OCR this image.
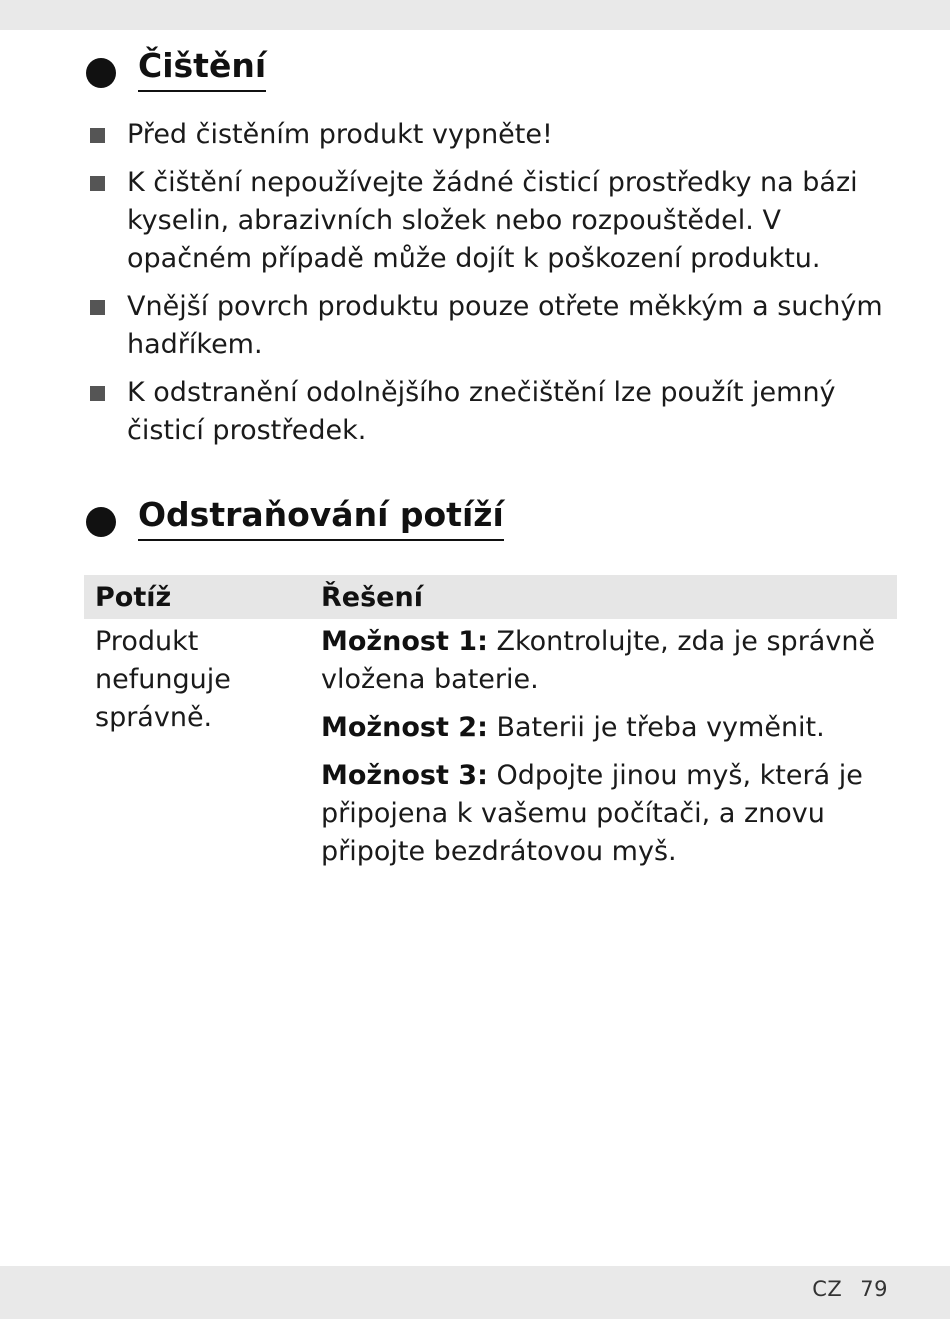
Čištění
Před čistěním produkt vypněte!
K čištění nepoužívejte žádné čisticí prostředky na bázi kyselin, abrazivních složek nebo rozpouštědel. V opačném případě může dojít k poškození produktu.
Vnější povrch produktu pouze otřete měkkým a suchým hadříkem.
K odstranění odolnějšího znečištění lze použít jemný čisticí prostředek.
Odstraňování potíží
Potíž	Řešení
Produkt nefunguje správně.
Možnost 1: Zkontrolujte, zda je správně vložena baterie.
Možnost 2: Baterii je třeba vyměnit.
Možnost 3: Odpojte jinou myš, která je připojena k vašemu počítači, a znovu připojte bezdrátovou myš.
CZ 79
